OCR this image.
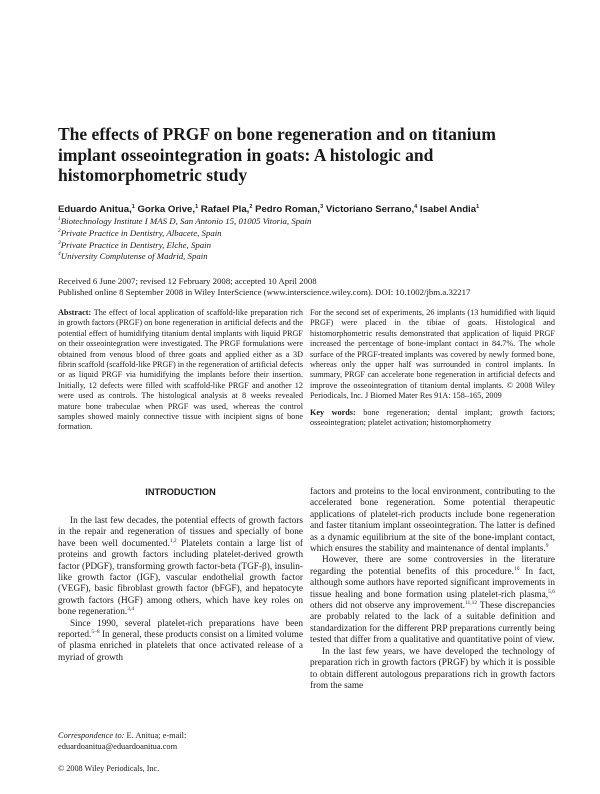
The effects of PRGF on bone regeneration and on titanium implant osseointegration in goats: A histologic and histomorphometric study
Eduardo Anitua,$^1$ Gorka Orive,$^1$ Rafael Pla,$^2$ Pedro Roman,$^3$ Victoriano Serrano,$^4$ Isabel Andia$^1$
$^1$Biotechnology Institute I MAS D, San Antonio 15, 01005 Vitoria, Spain
$^2$Private Practice in Dentistry, Albacete, Spain
$^3$Private Practice in Dentistry, Elche, Spain
$^4$University Complutense of Madrid, Spain
Received 6 June 2007; revised 12 February 2008; accepted 10 April 2008
Published online 8 September 2008 in Wiley InterScience (www.interscience.wiley.com). DOI: 10.1002/jbm.a.32217
Abstract: The effect of local application of scaffold-like preparation rich in growth factors (PRGF) on bone regeneration in artificial defects and the potential effect of humidifying titanium dental implants with liquid PRGF on their osseointegration were investigated. The PRGF formulations were obtained from venous blood of three goats and applied either as a 3D fibrin scaffold (scaffold-like PRGF) in the regeneration of artificial defects or as liquid PRGF via humidifying the implants before their insertion. Initially, 12 defects were filled with scaffold-like PRGF and another 12 were used as controls. The histological analysis at 8 weeks revealed mature bone trabeculae when PRGF was used, whereas the control samples showed mainly connective tissue with incipient signs of bone formation.
For the second set of experiments, 26 implants (13 humidified with liquid PRGF) were placed in the tibiae of goats. Histological and histomorphometric results demonstrated that application of liquid PRGF increased the percentage of bone-implant contact in 84.7%. The whole surface of the PRGF-treated implants was covered by newly formed bone, whereas only the upper half was surrounded in control implants. In summary, PRGF can accelerate bone regeneration in artificial defects and improve the osseointegration of titanium dental implants. © 2008 Wiley Periodicals, Inc. J Biomed Mater Res 91A: 158–165, 2009
Key words: bone regeneration; dental implant; growth factors; osseointegration; platelet activation; histomorphometry
INTRODUCTION

In the last few decades, the potential effects of growth factors in the repair and regeneration of tissues and specially of bone have been well documented.$^{1,2}$ Platelets contain a large list of proteins and growth factors including platelet-derived growth factor (PDGF), transforming growth factor-beta (TGF-β), insulin-like growth factor (IGF), vascular endothelial growth factor (VEGF), basic fibroblast growth factor (bFGF), and hepatocyte growth factors (HGF) among others, which have key roles on bone regeneration.$^{3,4}$

Since 1990, several platelet-rich preparations have been reported.$^{5-8}$ In general, these products consist on a limited volume of plasma enriched in platelets that once activated release of a myriad of growth

factors and proteins to the local environment, contributing to the accelerated bone regeneration. Some potential therapeutic applications of platelet-rich products include bone regeneration and faster titanium implant osseointegration. The latter is defined as a dynamic equilibrium at the site of the bone-implant contact, which ensures the stability and maintenance of dental implants.$^9$

However, there are some controversies in the literature regarding the potential benefits of this procedure.$^{10}$ In fact, although some authors have reported significant improvements in tissue healing and bone formation using platelet-rich plasma,$^{5,6}$ others did not observe any improvement.$^{11,12}$ These discrepancies are probably related to the lack of a suitable definition and standardization for the different PRP preparations currently being tested that differ from a qualitative and quantitative point of view.

In the last few years, we have developed the technology of preparation rich in growth factors (PRGF) by which it is possible to obtain different autologous preparations rich in growth factors from the same

Correspondence to: E. Anitua; e-mail: eduardoanitua@eduardoanitua.com
© 2008 Wiley Periodicals, Inc.
